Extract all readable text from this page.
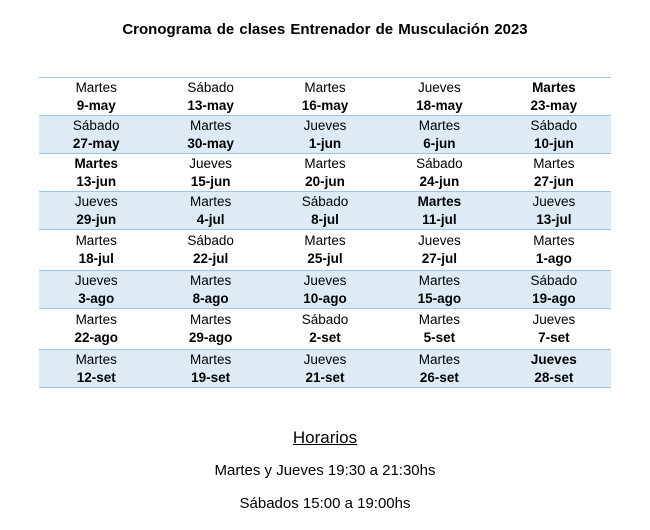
Cronograma de clases Entrenador de Musculación 2023
Martes
9-may
Sábado
13-may
Martes
16-may
Jueves
18-may
Martes
23-may
Sábado
27-may
Martes
30-may
Jueves
1-jun
Martes
6-jun
Sábado
10-jun
Martes
13-jun
Jueves
15-jun
Martes
20-jun
Sábado
24-jun
Martes
27-jun
Jueves
29-jun
Martes
4-jul
Sábado
8-jul
Martes
11-jul
Jueves
13-jul
Martes
18-jul
Sábado
22-jul
Martes
25-jul
Jueves
27-jul
Martes
1-ago
Jueves
3-ago
Martes
8-ago
Jueves
10-ago
Martes
15-ago
Sábado
19-ago
Martes
22-ago
Martes
29-ago
Sábado
2-set
Martes
5-set
Jueves
7-set
Martes
12-set
Martes
19-set
Jueves
21-set
Martes
26-set
Jueves
28-set
Horarios
Martes y Jueves 19:30 a 21:30hs
Sábados 15:00 a 19:00hs
